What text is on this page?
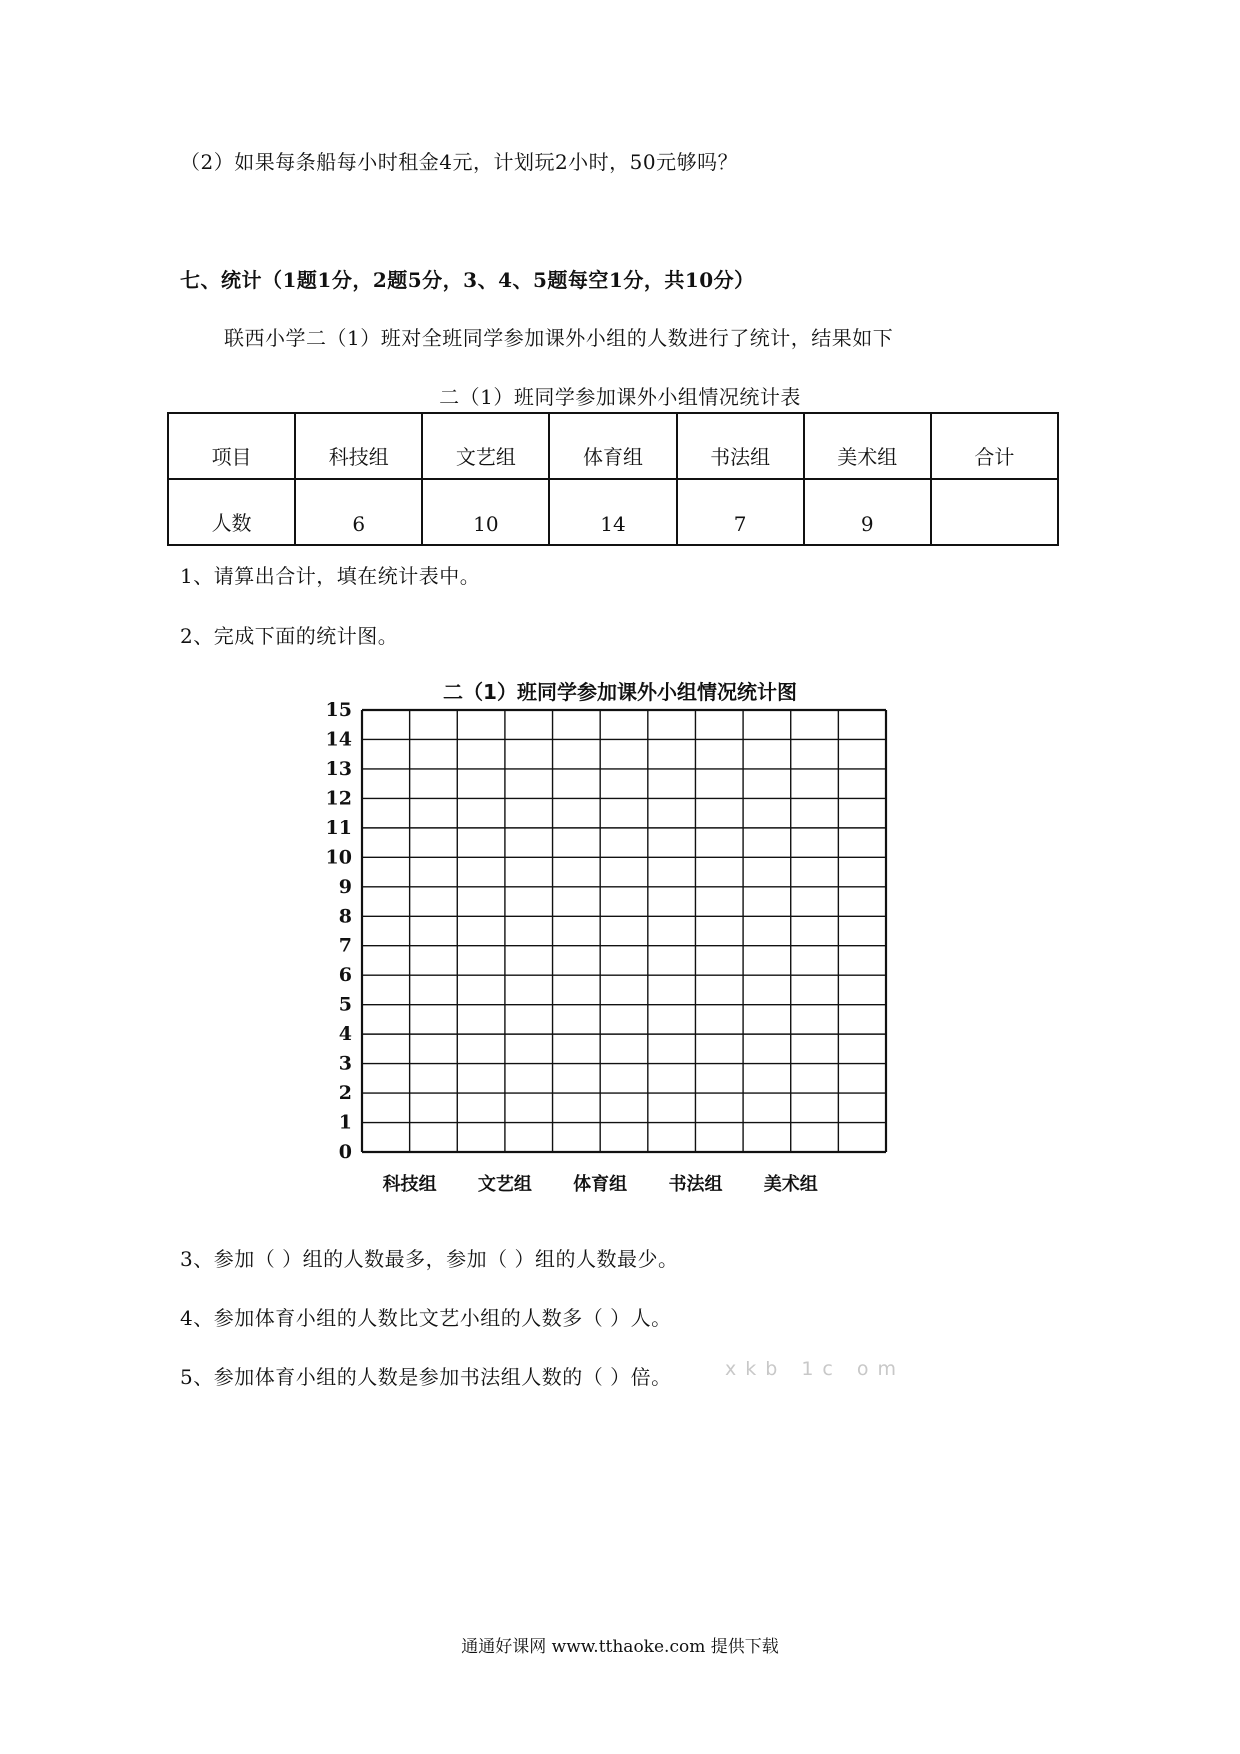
（2）如果每条船每小时租金4元，计划玩2小时，50元够吗？
七、统计（1题1分，2题5分，3、4、5题每空1分，共10分）
联西小学二（1）班对全班同学参加课外小组的人数进行了统计，结果如下
二（1）班同学参加课外小组情况统计表
项目	科技组	文艺组	体育组	书法组	美术组	合计
人数	6	10	14	7	9	
1、请算出合计，填在统计表中。
2、完成下面的统计图。
二（1）班同学参加课外小组情况统计图
0
1
2
3
4
5
6
7
8
9
10
11
12
13
14
15
科技组 文艺组 体育组 书法组 美术组
3、参加（ ）组的人数最多，参加（ ）组的人数最少。
4、参加体育小组的人数比文艺小组的人数多（ ）人。
5、参加体育小组的人数是参加书法组人数的（ ）倍。	xkb 1c om
通通好课网 www.tthaoke.com 提供下载
